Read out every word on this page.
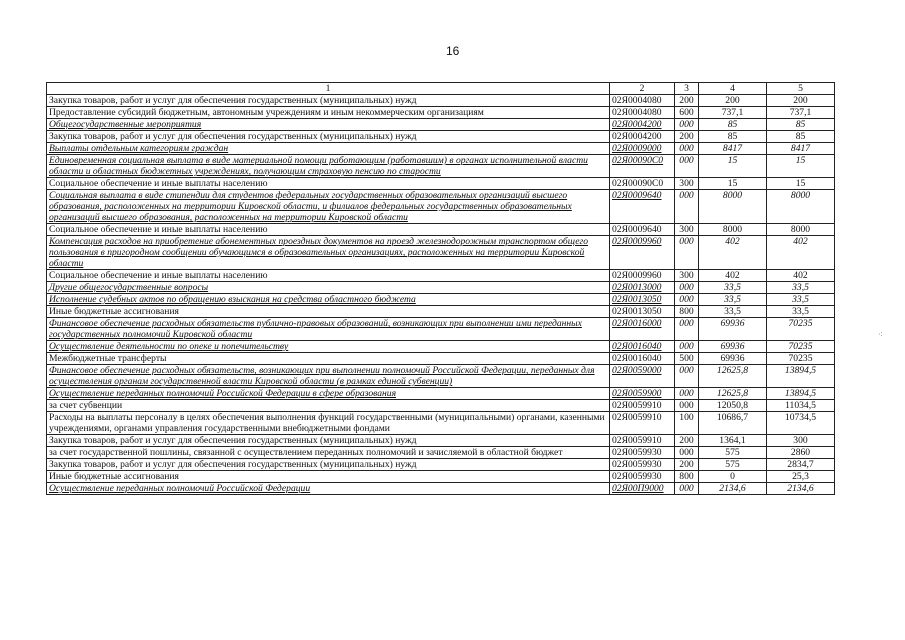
16
1	2	3	4	5
Закупка товаров, работ и услуг для обеспечения государственных (муниципальных) нужд	02Я0004080	200	200	200
Предоставление субсидий бюджетным, автономным учреждениям и иным некоммерческим организациям	02Я0004080	600	737,1	737,1
Общегосударственные мероприятия	02Я0004200	000	85	85
Закупка товаров, работ и услуг для обеспечения государственных (муниципальных) нужд	02Я0004200	200	85	85
Выплаты отдельным категориям граждан	02Я0009000	000	8417	8417
Единовременная социальная выплата в виде материальной помощи работающим (работавшим) в органах исполнительной власти области и областных бюджетных учреждениях, получающим страховую пенсию по старости	02Я00090С0	000	15	15
Социальное обеспечение и иные выплаты населению	02Я00090С0	300	15	15
Социальная выплата в виде стипендии для студентов федеральных государственных образовательных организаций высшего образования, расположенных на территории Кировской области, и филиалов федеральных государственных образовательных организаций высшего образования, расположенных на территории Кировской области	02Я0009640	000	8000	8000
Социальное обеспечение и иные выплаты населению	02Я0009640	300	8000	8000
Компенсация расходов на приобретение абонементных проездных документов на проезд железнодорожным транспортом общего пользования в пригородном сообщении обучающимся в образовательных организациях, расположенных на территории Кировской области	02Я0009960	000	402	402
Социальное обеспечение и иные выплаты населению	02Я0009960	300	402	402
Другие общегосударственные вопросы	02Я0013000	000	33,5	33,5
Исполнение судебных актов по обращению взыскания на средства областного бюджета	02Я0013050	000	33,5	33,5
Иные бюджетные ассигнования	02Я0013050	800	33,5	33,5
Финансовое обеспечение расходных обязательств публично-правовых образований, возникающих при выполнении ими переданных государственных полномочий Кировской области	02Я0016000	000	69936	70235
Осуществление деятельности по опеке и попечительству	02Я0016040	000	69936	70235
Межбюджетные трансферты	02Я0016040	500	69936	70235
Финансовое обеспечение расходных обязательств, возникающих при выполнении полномочий Российской Федерации, переданных для осуществления органам государственной власти Кировской области (в рамках единой субвенции)	02Я0059000	000	12625,8	13894,5
Осуществление переданных полномочий Российской Федерации в сфере образования	02Я0059900	000	12625,8	13894,5
за счет субвенции	02Я0059910	000	12050,8	11034,5
Расходы на выплаты персоналу в целях обеспечения выполнения функций государственными (муниципальными) органами, казенными учреждениями, органами управления государственными внебюджетными фондами	02Я0059910	100	10686,7	10734,5
Закупка товаров, работ и услуг для обеспечения государственных (муниципальных) нужд	02Я0059910	200	1364,1	300
за счет государственной пошлины, связанной с осуществлением переданных полномочий и зачисляемой в областной бюджет	02Я0059930	000	575	2860
Закупка товаров, работ и услуг для обеспечения государственных (муниципальных) нужд	02Я0059930	200	575	2834,7
Иные бюджетные ассигнования	02Я0059930	800	0	25,3
Осуществление переданных полномочий Российской Федерации	02Я00П9000	000	2134,6	2134,6
⁖
